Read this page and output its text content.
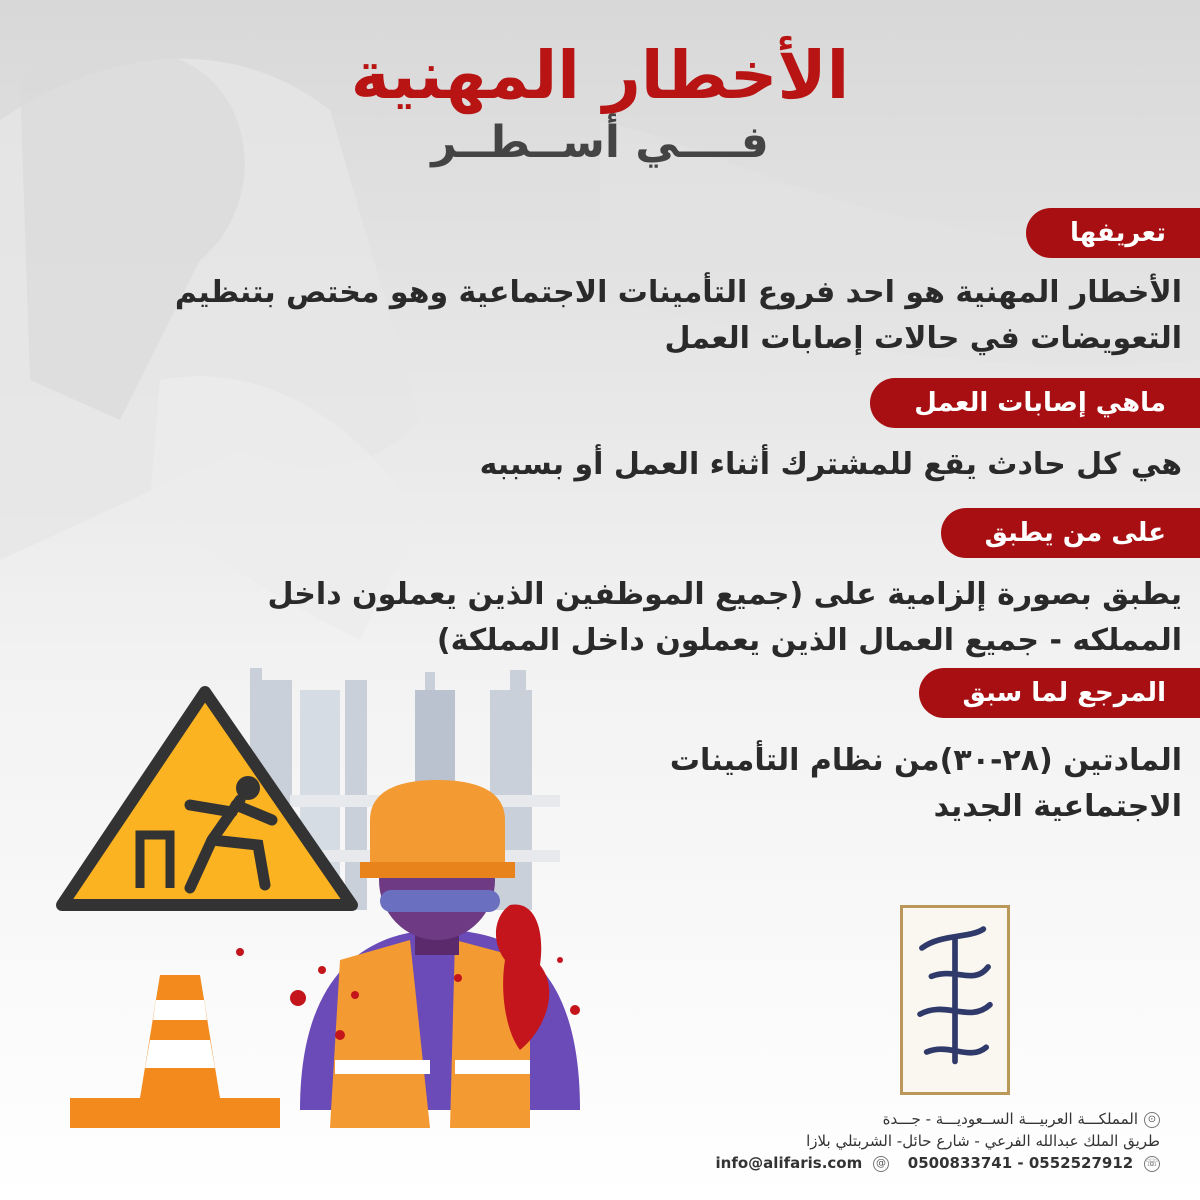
الأخطار المهنية
فــــي أســطــر
تعريفها
الأخطار المهنية هو احد فروع التأمينات الاجتماعية وهو مختص بتنظيم
التعويضات في حالات إصابات العمل
ماهي إصابات العمل
هي كل حادث يقع للمشترك أثناء العمل أو بسببه
على من يطبق
يطبق بصورة إلزامية على (جميع الموظفين الذين يعملون داخل
المملكه - جميع العمال الذين يعملون داخل المملكة)
المرجع لما سبق
المادتين (٢٨-٣٠)من نظام التأمينات
الاجتماعية الجديد
⊙المملكـــة العربيـــة الســعوديـــة - جـــدة
طريق الملك عبدالله الفرعي - شارع حائل- الشربتلي بلازا
info@alifaris.com @ 0500833741 - 0552527912 ☏
